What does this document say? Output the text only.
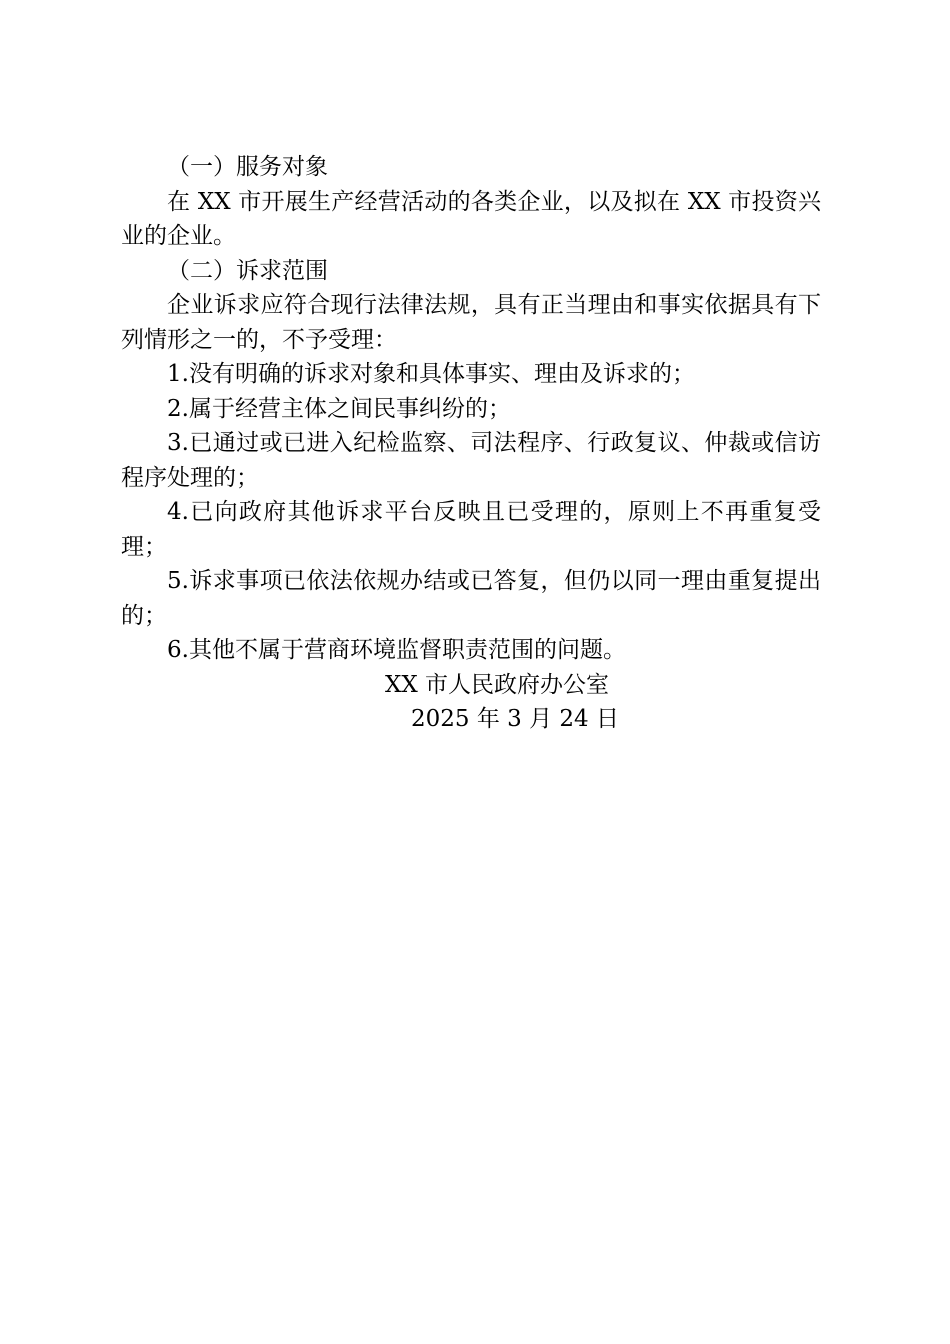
（一）服务对象

在 XX 市开展生产经营活动的各类企业，以及拟在 XX 市投资兴业的企业。

（二）诉求范围

企业诉求应符合现行法律法规，具有正当理由和事实依据具有下列情形之一的，不予受理：

1.没有明确的诉求对象和具体事实、理由及诉求的；

2.属于经营主体之间民事纠纷的；

3.已通过或已进入纪检监察、司法程序、行政复议、仲裁或信访程序处理的；

4.已向政府其他诉求平台反映且已受理的，原则上不再重复受理；

5.诉求事项已依法依规办结或已答复，但仍以同一理由重复提出的；

6.其他不属于营商环境监督职责范围的问题。

XX 市人民政府办公室

2025 年 3 月 24 日
